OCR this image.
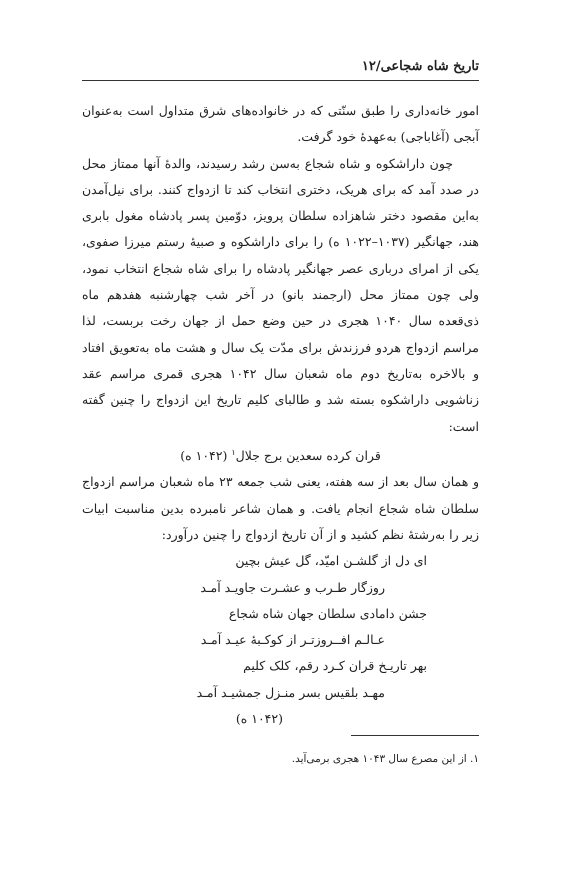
تاریخ شاه شجاعی/۱۲

امور خانه‌داری را طبق سنّتی که در خانواده‌های شرق متداول است به‌عنوان آبجی (آغاباجی) به‌عهدۀ خود گرفت.

چون داراشکوه و شاه شجاع به‌سن رشد رسیدند، والدۀ آنها ممتاز محل در صدد آمد که برای هریک، دختری انتخاب کند تا ازدواج کنند. برای نیل‌آمدن به‌این مقصود دختر شاهزاده سلطان پرویز، دوّمین پسر پادشاه مغول بابری هند، جهانگیر (۱۰۳۷–۱۰۲۲ ه) را برای داراشکوه و صبیۀ رستم میرزا صفوی، یکی از امرای درباری عصر جهانگیر پادشاه را برای شاه شجاع انتخاب نمود، ولی چون ممتاز محل (ارجمند بانو) در آخر شب چهارشنبه هفدهم ماه ذی‌قعده سال ۱۰۴۰ هجری در حین وضع حمل از جهان رخت بربست، لذا مراسم ازدواج هردو فرزندش برای مدّت یک سال و هشت ماه به‌تعویق افتاد و بالاخره به‌تاریخ دوم ماه شعبان سال ۱۰۴۲ هجری قمری مراسم عقد زناشویی داراشکوه بسته شد و طالبای کلیم تاریخ این ازدواج را چنین گفته است:

قران کرده سعدین برج جلال$^۱$ (۱۰۴۲ ه)

و همان سال بعد از سه هفته، یعنی شب جمعه ۲۳ ماه شعبان مراسم ازدواج سلطان شاه شجاع انجام یافت. و همان شاعر نامبرده بدین مناسبت ابیات زیر را به‌رشتۀ نظم کشید و از آن تاریخ ازدواج را چنین درآورد:

ای دل از گلشـن امیّد، گل عیش بچین
روزگار طـرب و عشـرت جاویـد آمـد
جشن دامادی سلطان جهان شاه شجاع
عـالـم افــروزتـر از کوکـبۀ عیـد آمـد
بهر تاریـخ قران کـرد رقم، کلک کلیم
مهـد بلقیس بسر منـزل جمشیـد آمـد
(۱۰۴۲ ه)
۱. از این مصرع سال ۱۰۴۳ هجری برمی‌آید.
